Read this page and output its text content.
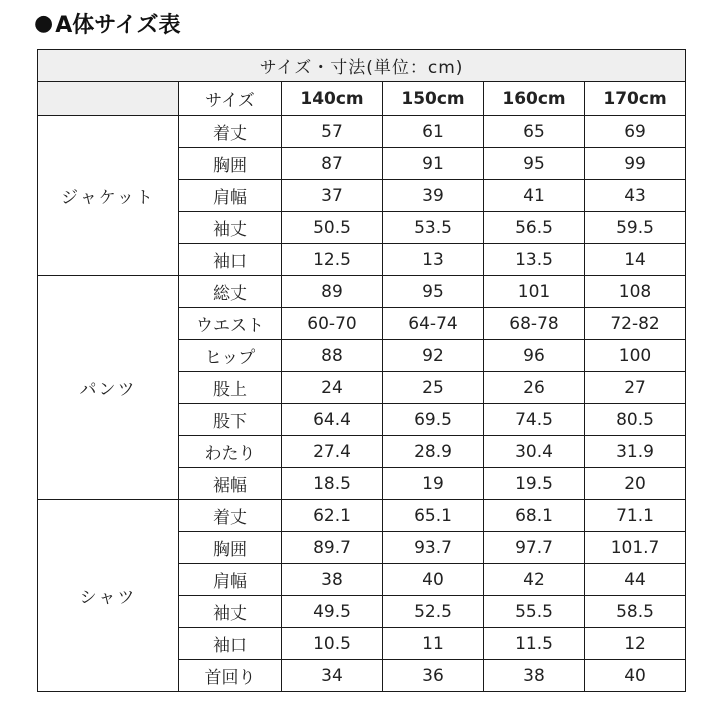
● A体サイズ表
サイズ・寸法(単位：cm)					
	サイズ	140cm	150cm	160cm	170cm
ジャケット	着丈	57	61	65	69
	胸囲	87	91	95	99
	肩幅	37	39	41	43
	袖丈	50.5	53.5	56.5	59.5
	袖口	12.5	13	13.5	14
パンツ	総丈	89	95	101	108
	ウエスト	60-70	64-74	68-78	72-82
	ヒップ	88	92	96	100
	股上	24	25	26	27
	股下	64.4	69.5	74.5	80.5
	わたり	27.4	28.9	30.4	31.9
	裾幅	18.5	19	19.5	20
シャツ	着丈	62.1	65.1	68.1	71.1
	胸囲	89.7	93.7	97.7	101.7
	肩幅	38	40	42	44
	袖丈	49.5	52.5	55.5	58.5
	袖口	10.5	11	11.5	12
	首回り	34	36	38	40
